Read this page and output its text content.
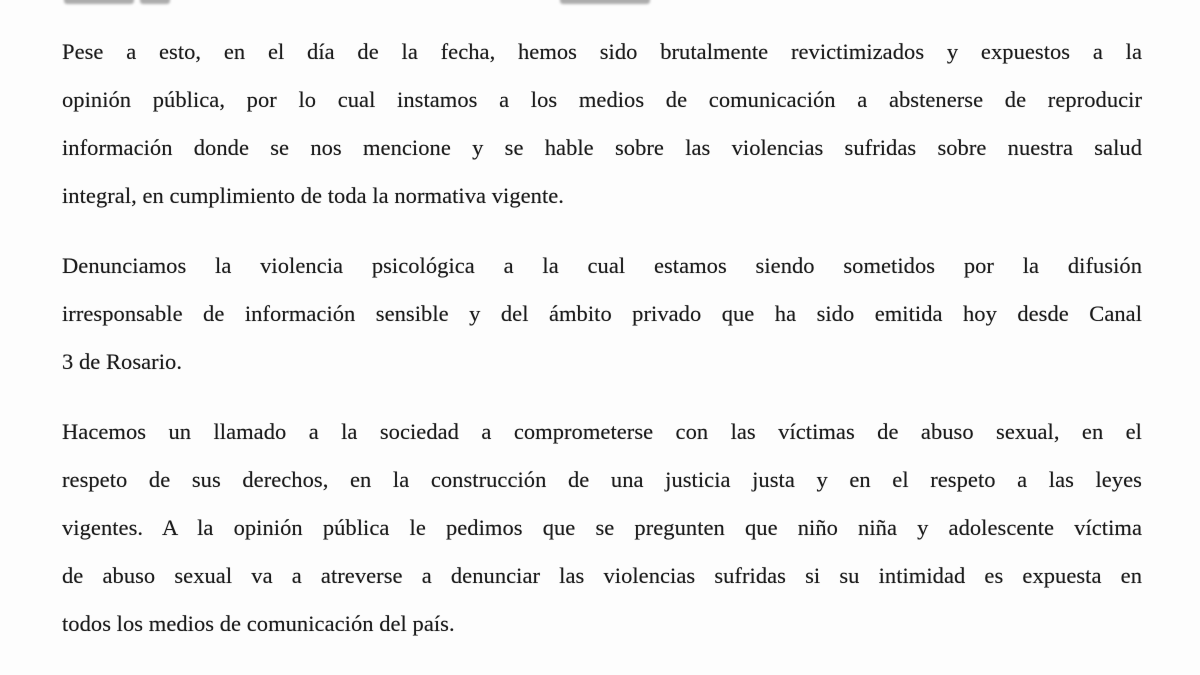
Pese a esto, en el día de la fecha, hemos sido brutalmente revictimizados y expuestos a la
opinión pública, por lo cual instamos a los medios de comunicación a abstenerse de reproducir
información donde se nos mencione y se hable sobre las violencias sufridas sobre nuestra salud
integral, en cumplimiento de toda la normativa vigente.

Denunciamos la violencia psicológica a la cual estamos siendo sometidos por la difusión
irresponsable de información sensible y del ámbito privado que ha sido emitida hoy desde Canal
3 de Rosario.

Hacemos un llamado a la sociedad a comprometerse con las víctimas de abuso sexual, en el
respeto de sus derechos, en la construcción de una justicia justa y en el respeto a las leyes
vigentes. A la opinión pública le pedimos que se pregunten que niño niña y adolescente víctima
de abuso sexual va a atreverse a denunciar las violencias sufridas si su intimidad es expuesta en
todos los medios de comunicación del país.
